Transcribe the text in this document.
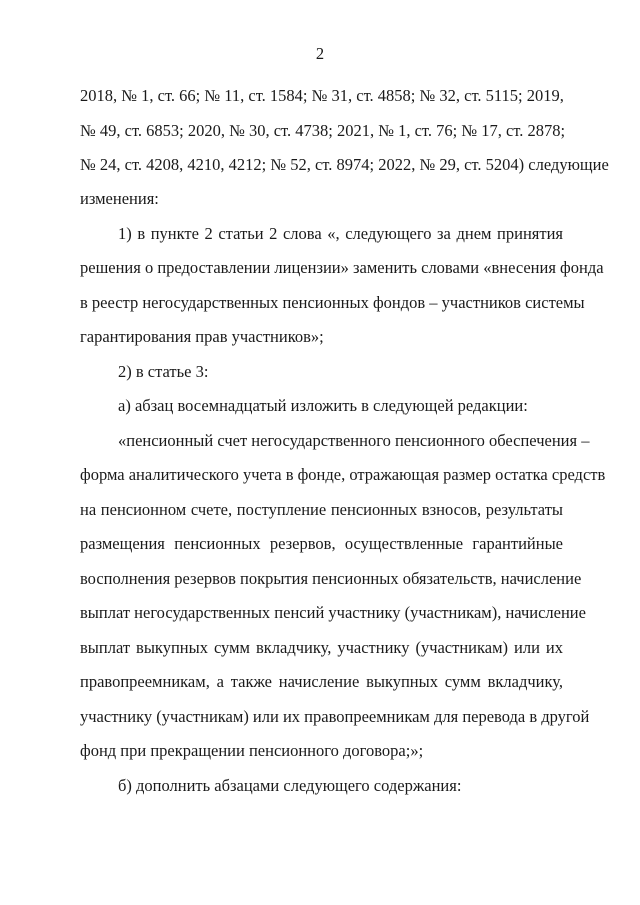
2
2018, № 1, ст. 66; № 11, ст. 1584; № 31, ст. 4858; № 32, ст. 5115; 2019,
№ 49, ст. 6853; 2020, № 30, ст. 4738; 2021, № 1, ст. 76; № 17, ст. 2878;
№ 24, ст. 4208, 4210, 4212; № 52, ст. 8974; 2022, № 29, ст. 5204) следующие
изменения:
1) в пункте 2 статьи 2 слова «, следующего за днем принятия
решения о предоставлении лицензии» заменить словами «внесения фонда
в реестр негосударственных пенсионных фондов – участников системы
гарантирования прав участников»;
2) в статье 3:
а) абзац восемнадцатый изложить в следующей редакции:
«пенсионный счет негосударственного пенсионного обеспечения –
форма аналитического учета в фонде, отражающая размер остатка средств
на пенсионном счете, поступление пенсионных взносов, результаты
размещения пенсионных резервов, осуществленные гарантийные
восполнения резервов покрытия пенсионных обязательств, начисление
выплат негосударственных пенсий участнику (участникам), начисление
выплат выкупных сумм вкладчику, участнику (участникам) или их
правопреемникам, а также начисление выкупных сумм вкладчику,
участнику (участникам) или их правопреемникам для перевода в другой
фонд при прекращении пенсионного договора;»;
б) дополнить абзацами следующего содержания:
